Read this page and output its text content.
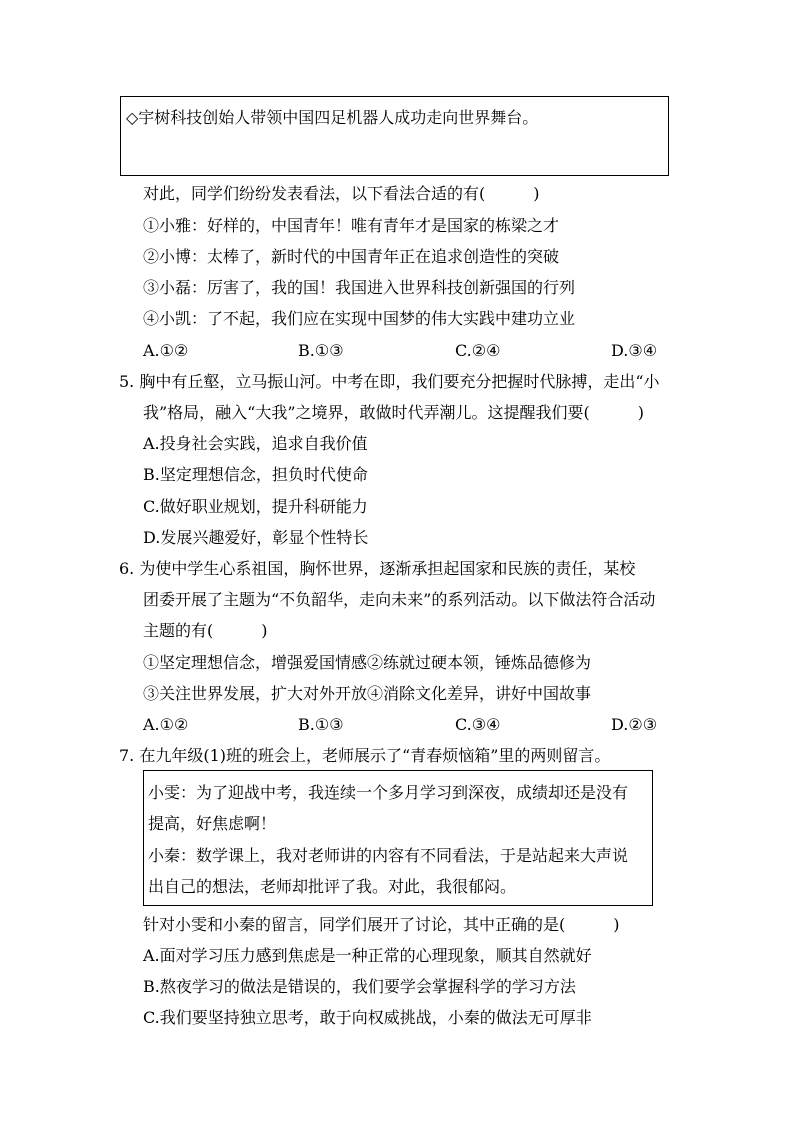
◇宇树科技创始人带领中国四足机器人成功走向世界舞台。
对此，同学们纷纷发表看法，以下看法合适的有(　　　)
①小雅：好样的，中国青年！唯有青年才是国家的栋梁之才
②小博：太棒了，新时代的中国青年正在追求创造性的突破
③小磊：厉害了，我的国！我国进入世界科技创新强国的行列
④小凯：了不起，我们应在实现中国梦的伟大实践中建功立业
A.①②	B.①③	C.②④	D.③④
5. 胸中有丘壑，立马振山河。中考在即，我们要充分把握时代脉搏，走出“小
我”格局，融入“大我”之境界，敢做时代弄潮儿。这提醒我们要(　　　)
A.投身社会实践，追求自我价值
B.坚定理想信念，担负时代使命
C.做好职业规划，提升科研能力
D.发展兴趣爱好，彰显个性特长
6. 为使中学生心系祖国，胸怀世界，逐渐承担起国家和民族的责任，某校
团委开展了主题为“不负韶华，走向未来”的系列活动。以下做法符合活动
主题的有(　　　)
①坚定理想信念，增强爱国情感②练就过硬本领，锤炼品德修为
③关注世界发展，扩大对外开放④消除文化差异，讲好中国故事
A.①②	B.①③	C.③④	D.②③
7. 在九年级(1)班的班会上，老师展示了“青春烦恼箱”里的两则留言。
小雯：为了迎战中考，我连续一个多月学习到深夜，成绩却还是没有
提高，好焦虑啊！
小秦：数学课上，我对老师讲的内容有不同看法，于是站起来大声说
出自己的想法，老师却批评了我。对此，我很郁闷。
针对小雯和小秦的留言，同学们展开了讨论，其中正确的是(　　　)
A.面对学习压力感到焦虑是一种正常的心理现象，顺其自然就好
B.熬夜学习的做法是错误的，我们要学会掌握科学的学习方法
C.我们要坚持独立思考，敢于向权威挑战，小秦的做法无可厚非
